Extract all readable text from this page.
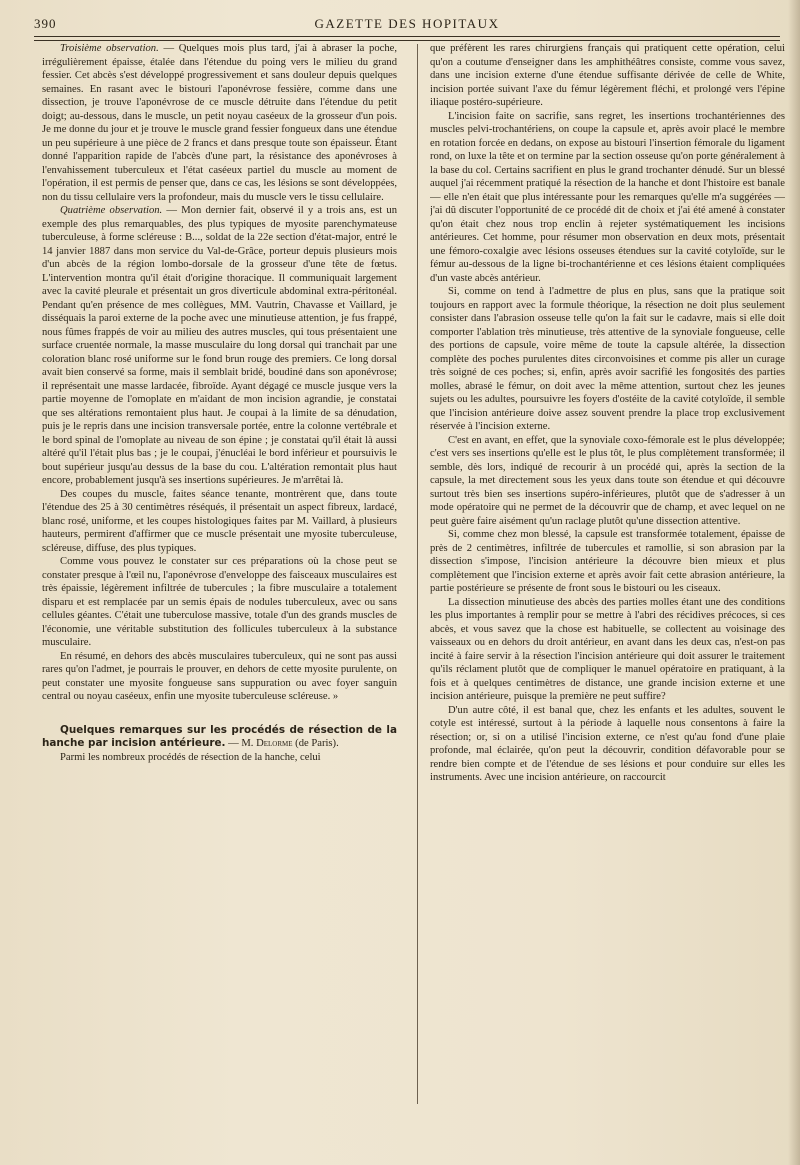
390	GAZETTE DES HOPITAUX

Troisième observation. — Quelques mois plus tard, j'ai à abraser la poche, irrégulièrement épaisse, étalée dans l'étendue du poing vers le milieu du grand fessier. Cet abcès s'est développé progressivement et sans douleur depuis quelques semaines. En rasant avec le bistouri l'aponévrose fessière, comme dans une dissection, je trouve l'aponévrose de ce muscle détruite dans l'étendue du petit doigt; au-dessous, dans le muscle, un petit noyau caséeux de la grosseur d'un pois. Je me donne du jour et je trouve le muscle grand fessier fongueux dans une étendue un peu supérieure à une pièce de 2 francs et dans presque toute son épaisseur. Étant donné l'apparition rapide de l'abcès d'une part, la résistance des aponévroses à l'envahissement tuberculeux et l'état caséeux partiel du muscle au moment de l'opération, il est permis de penser que, dans ce cas, les lésions se sont développées, non du tissu cellulaire vers la profondeur, mais du muscle vers le tissu cellulaire.

Quatrième observation. — Mon dernier fait, observé il y a trois ans, est un exemple des plus remarquables, des plus typiques de myosite parenchymateuse tuberculeuse, à forme scléreuse : B..., soldat de la 22e section d'état-major, entré le 14 janvier 1887 dans mon service du Val-de-Grâce, porteur depuis plusieurs mois d'un abcès de la région lombo-dorsale de la grosseur d'une tête de fœtus. L'intervention montra qu'il était d'origine thoracique. Il communiquait largement avec la cavité pleurale et présentait un gros diverticule abdominal extra-péritonéal. Pendant qu'en présence de mes collègues, MM. Vautrin, Chavasse et Vaillard, je disséquais la paroi externe de la poche avec une minutieuse attention, je fus frappé, nous fûmes frappés de voir au milieu des autres muscles, qui tous présentaient une surface cruentée normale, la masse musculaire du long dorsal qui tranchait par une coloration blanc rosé uniforme sur le fond brun rouge des premiers. Ce long dorsal avait bien conservé sa forme, mais il semblait bridé, boudiné dans son aponévrose; il représentait une masse lardacée, fibroïde. Ayant dégagé ce muscle jusque vers la partie moyenne de l'omoplate en m'aidant de mon incision agrandie, je constatai que ses altérations remontaient plus haut. Je coupai à la limite de sa dénudation, puis je le repris dans une incision transversale portée, entre la colonne vertébrale et le bord spinal de l'omoplate au niveau de son épine ; je constatai qu'il était là aussi altéré qu'il l'était plus bas ; je le coupai, j'énucléai le bord inférieur et poursuivis le bout supérieur jusqu'au dessus de la base du cou. L'altération remontait plus haut encore, probablement jusqu'à ses insertions supérieures. Je m'arrêtai là.

Des coupes du muscle, faites séance tenante, montrèrent que, dans toute l'étendue des 25 à 30 centimètres réséqués, il présentait un aspect fibreux, lardacé, blanc rosé, uniforme, et les coupes histologiques faites par M. Vaillard, à plusieurs hauteurs, permirent d'affirmer que ce muscle présentait une myosite tuberculeuse, scléreuse, diffuse, des plus typiques.

Comme vous pouvez le constater sur ces préparations où la chose peut se constater presque à l'œil nu, l'aponévrose d'enveloppe des faisceaux musculaires est très épaissie, légèrement infiltrée de tubercules ; la fibre musculaire a totalement disparu et est remplacée par un semis épais de nodules tuberculeux, avec ou sans cellules géantes. C'était une tuberculose massive, totale d'un des grands muscles de l'économie, une véritable substitution des follicules tuberculeux à la substance musculaire.

En résumé, en dehors des abcès musculaires tuberculeux, qui ne sont pas aussi rares qu'on l'admet, je pourrais le prouver, en dehors de cette myosite purulente, on peut constater une myosite fongueuse sans suppuration ou avec foyer sanguin central ou noyau caséeux, enfin une myosite tuberculeuse scléreuse. »

Quelques remarques sur les procédés de résection de la hanche par incision antérieure. — M. Delorme (de Paris).

Parmi les nombreux procédés de résection de la hanche, celui

que préfèrent les rares chirurgiens français qui pratiquent cette opération, celui qu'on a coutume d'enseigner dans les amphithéâtres consiste, comme vous savez, dans une incision externe d'une étendue suffisante dérivée de celle de White, incision portée suivant l'axe du fémur légèrement fléchi, et prolongé vers l'épine iliaque postéro-supérieure.

L'incision faite on sacrifie, sans regret, les insertions trochantériennes des muscles pelvi-trochantériens, on coupe la capsule et, après avoir placé le membre en rotation forcée en dedans, on expose au bistouri l'insertion fémorale du ligament rond, on luxe la tête et on termine par la section osseuse qu'on porte généralement à la base du col. Certains sacrifient en plus le grand trochanter dénudé. Sur un blessé auquel j'ai récemment pratiqué la résection de la hanche et dont l'histoire est banale — elle n'en était que plus intéressante pour les remarques qu'elle m'a suggérées — j'ai dû discuter l'opportunité de ce procédé dit de choix et j'ai été amené à constater qu'on était chez nous trop enclin à rejeter systématiquement les incisions antérieures. Cet homme, pour résumer mon observation en deux mots, présentait une fémoro-coxalgie avec lésions osseuses étendues sur la cavité cotyloïde, sur le fémur au-dessous de la ligne bi-trochantérienne et ces lésions étaient compliquées d'un vaste abcès antérieur.

Si, comme on tend à l'admettre de plus en plus, sans que la pratique soit toujours en rapport avec la formule théorique, la résection ne doit plus seulement consister dans l'abrasion osseuse telle qu'on la fait sur le cadavre, mais si elle doit comporter l'ablation très minutieuse, très attentive de la synoviale fongueuse, celle des portions de capsule, voire même de toute la capsule altérée, la dissection complète des poches purulentes dites circonvoisines et comme pis aller un curage très soigné de ces poches; si, enfin, après avoir sacrifié les fongosités des parties molles, abrasé le fémur, on doit avec la même attention, surtout chez les jeunes sujets ou les adultes, poursuivre les foyers d'ostéite de la cavité cotyloïde, il semble que l'incision antérieure doive assez souvent prendre la place trop exclusivement réservée à l'incision externe.

C'est en avant, en effet, que la synoviale coxo-fémorale est le plus développée; c'est vers ses insertions qu'elle est le plus tôt, le plus complètement transformée; il semble, dès lors, indiqué de recourir à un procédé qui, après la section de la capsule, la met directement sous les yeux dans toute son étendue et qui découvre surtout très bien ses insertions supéro-inférieures, plutôt que de s'adresser à un mode opératoire qui ne permet de la découvrir que de champ, et avec lequel on ne peut guère faire aisément qu'un raclage plutôt qu'une dissection attentive.

Si, comme chez mon blessé, la capsule est transformée totalement, épaisse de près de 2 centimètres, infiltrée de tubercules et ramollie, si son abrasion par la dissection s'impose, l'incision antérieure la découvre bien mieux et plus complètement que l'incision externe et après avoir fait cette abrasion antérieure, la partie postérieure se présente de front sous le bistouri ou les ciseaux.

La dissection minutieuse des abcès des parties molles étant une des conditions les plus importantes à remplir pour se mettre à l'abri des récidives précoces, si ces abcès, et vous savez que la chose est habituelle, se collectent au voisinage des vaisseaux ou en dehors du droit antérieur, en avant dans les deux cas, n'est-on pas incité à faire servir à la résection l'incision antérieure qui doit assurer le traitement qu'ils réclament plutôt que de compliquer le manuel opératoire en pratiquant, à la fois et à quelques centimètres de distance, une grande incision externe et une incision antérieure, puisque la première ne peut suffire?

D'un autre côté, il est banal que, chez les enfants et les adultes, souvent le cotyle est intéressé, surtout à la période à laquelle nous consentons à faire la résection; or, si on a utilisé l'incision externe, ce n'est qu'au fond d'une plaie profonde, mal éclairée, qu'on peut la découvrir, condition défavorable pour se rendre bien compte et de l'étendue de ses lésions et pour conduire sur elles les instruments. Avec une incision antérieure, on raccourcit
